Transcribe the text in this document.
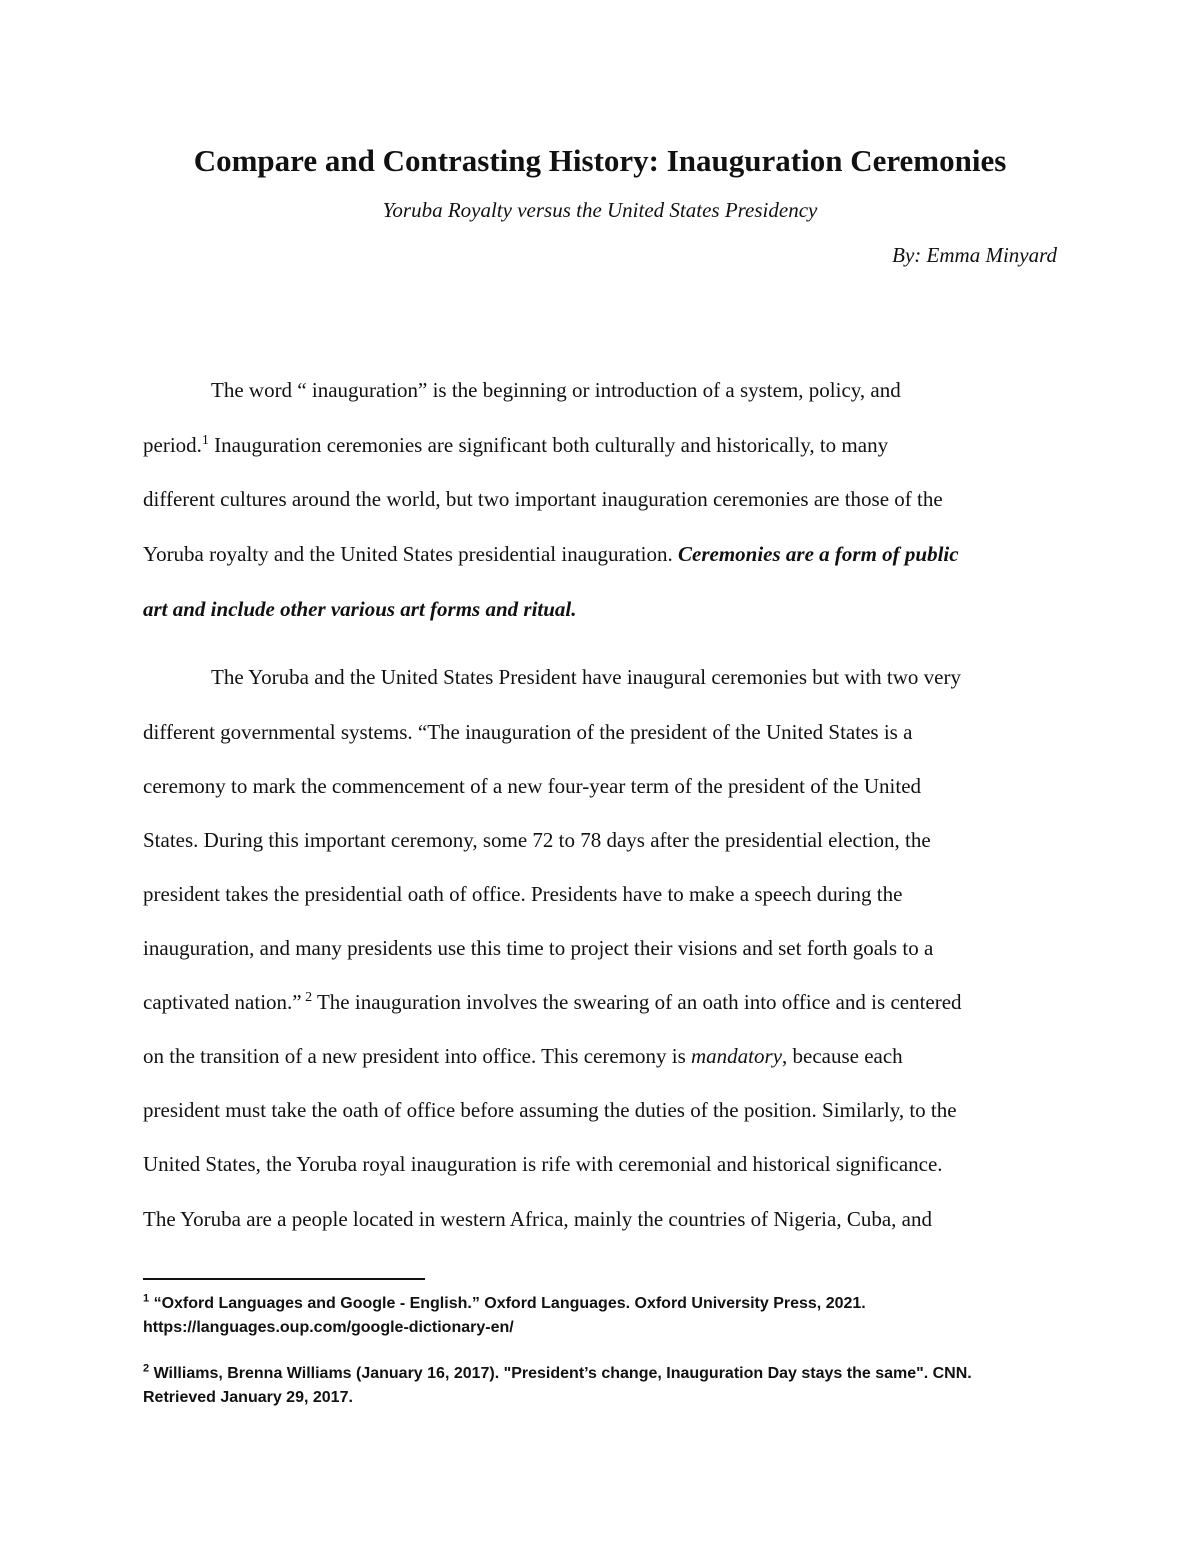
Compare and Contrasting History: Inauguration Ceremonies
Yoruba Royalty versus the United States Presidency
By: Emma Minyard
The word “ inauguration” is the beginning or introduction of a system, policy, and
period.$^1$ Inauguration ceremonies are significant both culturally and historically, to many
different cultures around the world, but two important inauguration ceremonies are those of the
Yoruba royalty and the United States presidential inauguration. Ceremonies are a form of public
art and include other various art forms and ritual.
The Yoruba and the United States President have inaugural ceremonies but with two very
different governmental systems. “The inauguration of the president of the United States is a
ceremony to mark the commencement of a new four-year term of the president of the United
States. During this important ceremony, some 72 to 78 days after the presidential election, the
president takes the presidential oath of office. Presidents have to make a speech during the
inauguration, and many presidents use this time to project their visions and set forth goals to a
captivated nation.” $^2$ The inauguration involves the swearing of an oath into office and is centered
on the transition of a new president into office. This ceremony is mandatory, because each
president must take the oath of office before assuming the duties of the position. Similarly, to the
United States, the Yoruba royal inauguration is rife with ceremonial and historical significance.
The Yoruba are a people located in western Africa, mainly the countries of Nigeria, Cuba, and
$^1$ “Oxford Languages and Google - English.” Oxford Languages. Oxford University Press, 2021.
https://languages.oup.com/google-dictionary-en/
$^2$ Williams, Brenna Williams (January 16, 2017). "President’s change, Inauguration Day stays the same". CNN.
Retrieved January 29, 2017.
